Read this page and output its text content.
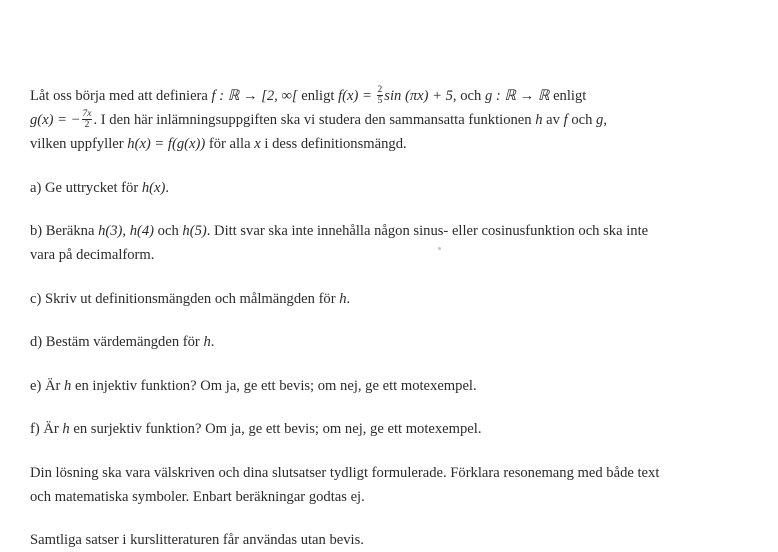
Låt oss börja med att definiera f : ℝ → [2, ∞[ enligt $f(x) = \frac{2}{5}$ sin (πx) + 5, och g : ℝ → ℝ enligt
g(x) = − $\frac{7x}{2}$ . I den här inlämningsuppgiften ska vi studera den sammansatta funktionen h av f och g,
vilken uppfyller h(x) = f(g(x)) för alla x i dess definitionsmängd.

a) Ge uttrycket för h(x).

b) Beräkna h(3), h(4) och h(5). Ditt svar ska inte innehålla någon sinus- eller cosinusfunktion och ska inte
vara på decimalform.

c) Skriv ut definitionsmängden och målmängden för h.

d) Bestäm värdemängden för h.

e) Är h en injektiv funktion? Om ja, ge ett bevis; om nej, ge ett motexempel.

f) Är h en surjektiv funktion? Om ja, ge ett bevis; om nej, ge ett motexempel.

Din lösning ska vara välskriven och dina slutsatser tydligt formulerade. Förklara resonemang med både text
och matematiska symboler. Enbart beräkningar godtas ej.

Samtliga satser i kurslitteraturen får användas utan bevis.
